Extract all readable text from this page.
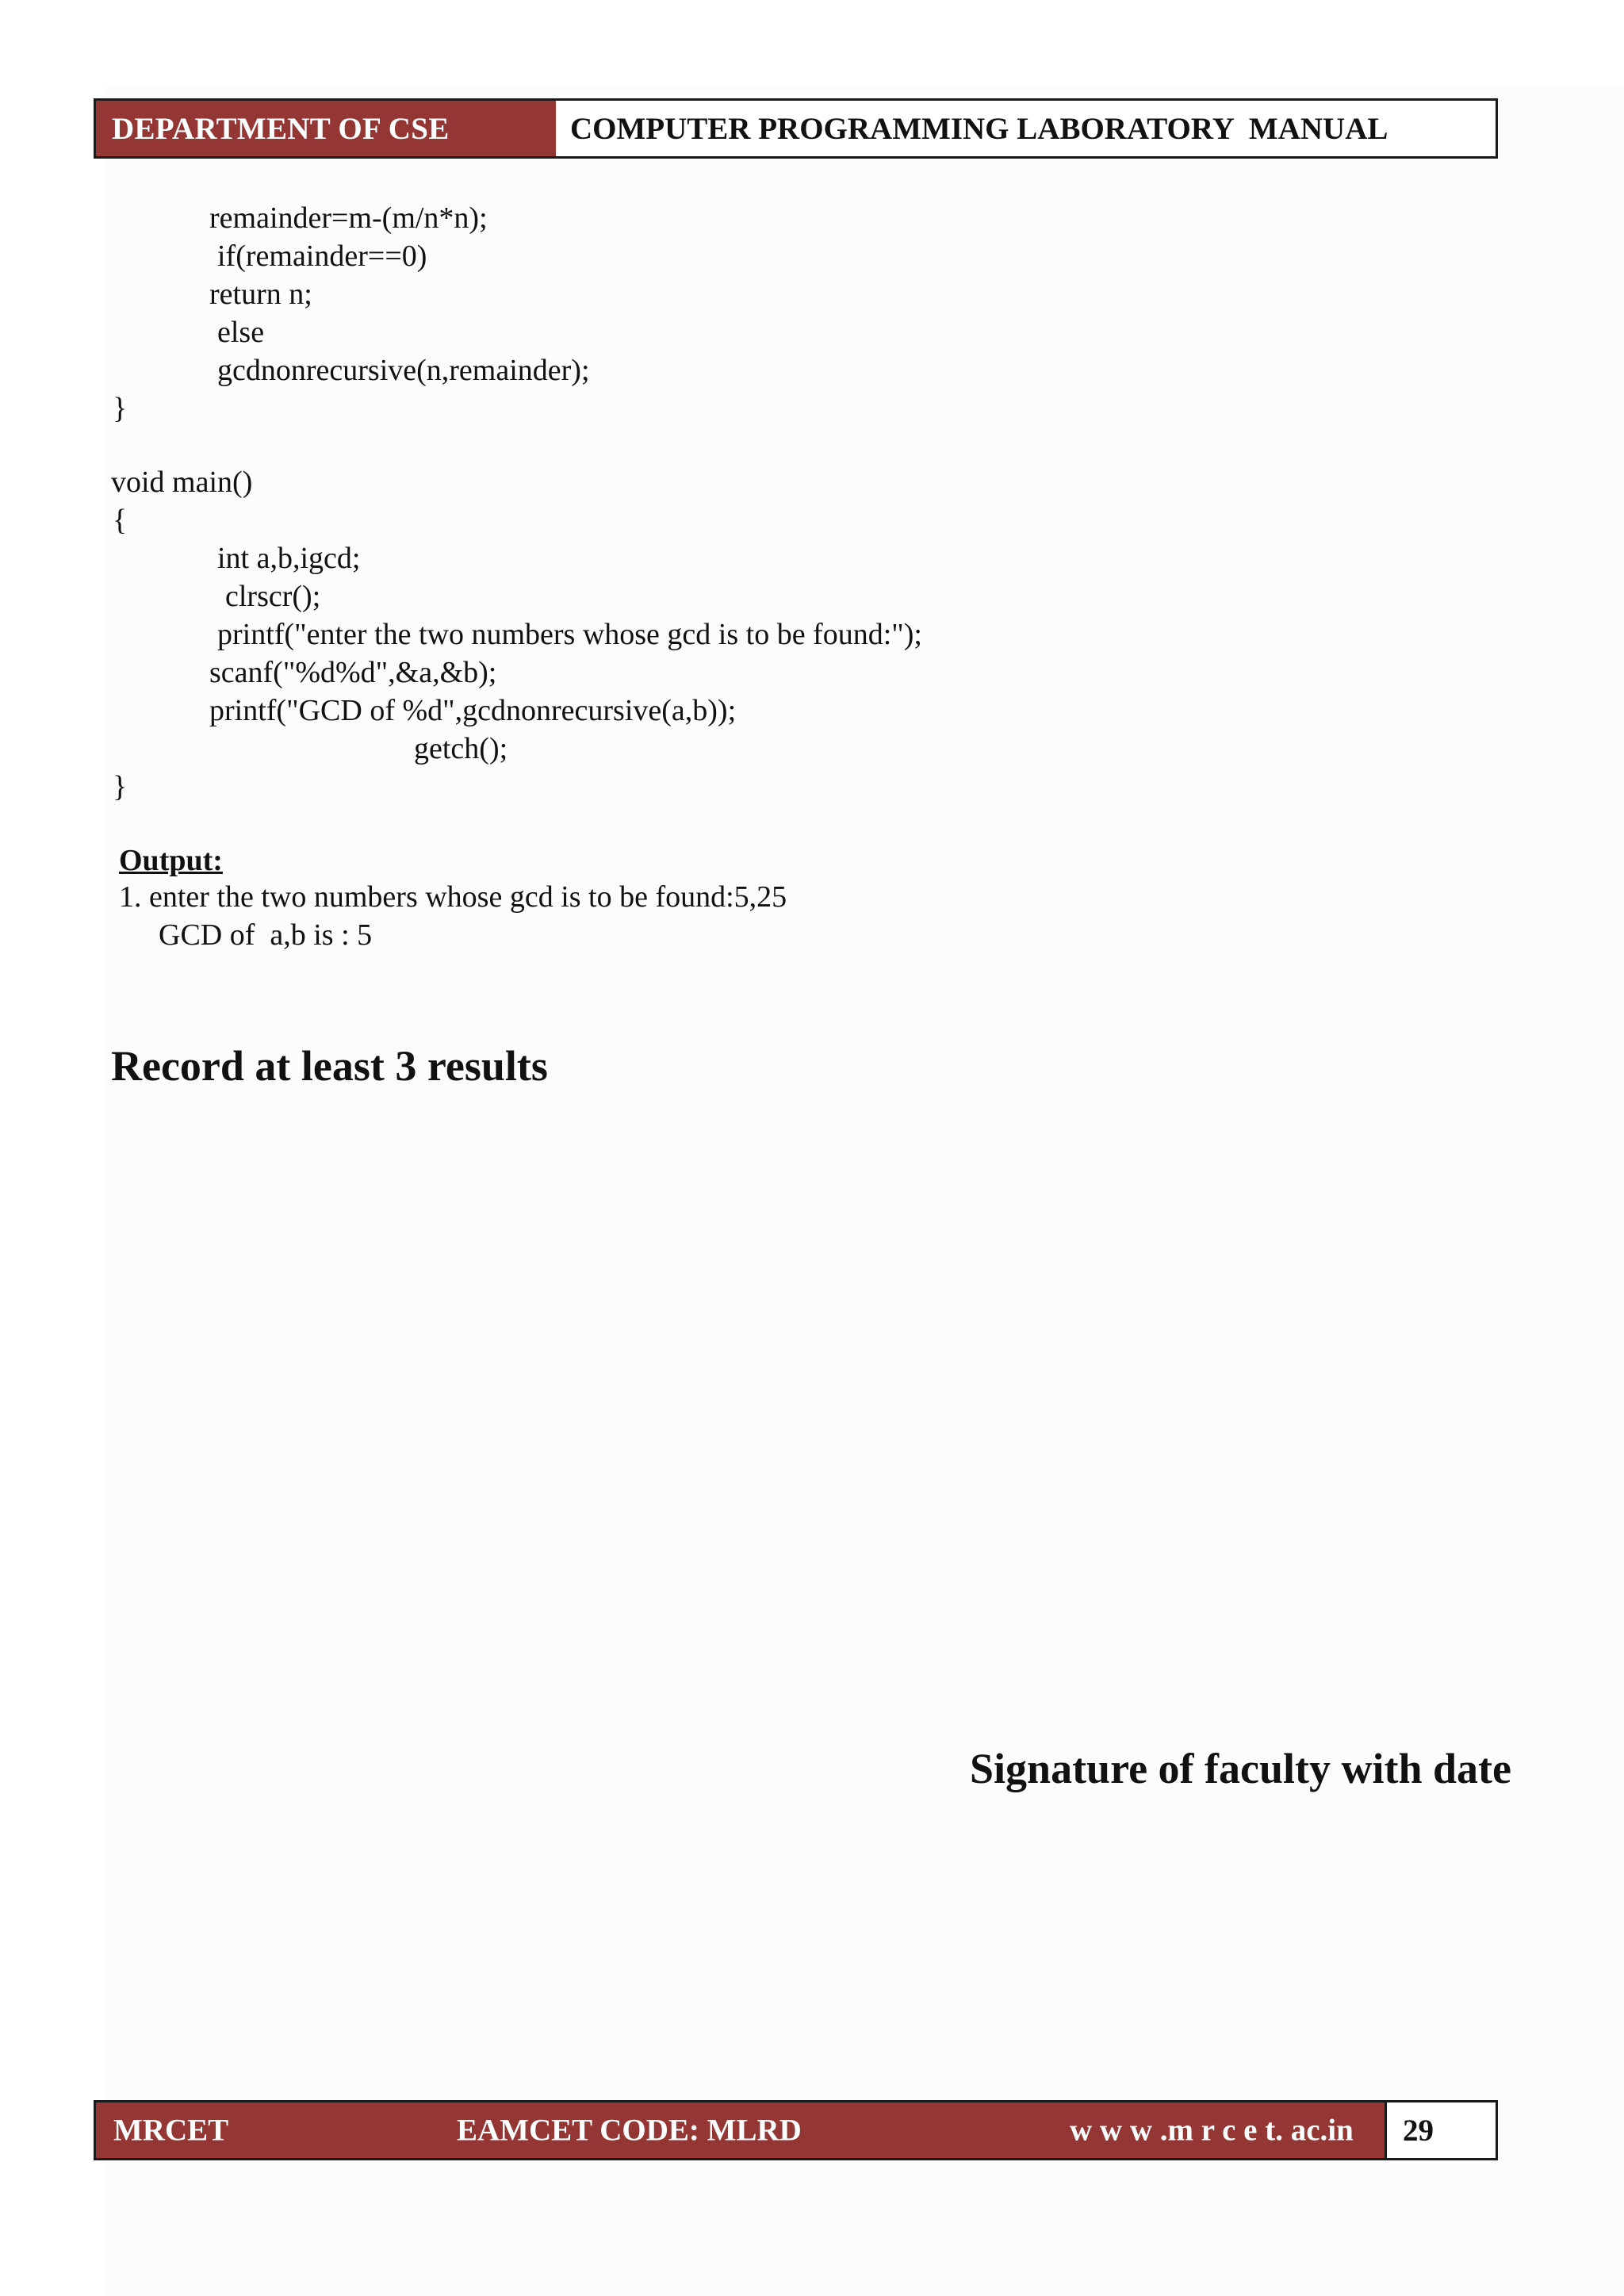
DEPARTMENT OF CSE	COMPUTER PROGRAMMING LABORATORY  MANUAL
remainder=m-(m/n*n);
if(remainder==0)
return n;
else
gcdnonrecursive(n,remainder);
}
void main()
{
int a,b,igcd;
clrscr();
printf("enter the two numbers whose gcd is to be found:");
scanf("%d%d",&a,&b);
printf("GCD of %d",gcdnonrecursive(a,b));
getch();
}
Output:
1. enter the two numbers whose gcd is to be found:5,25
GCD of  a,b is : 5
Record at least 3 results
Signature of faculty with date
MRCET	EAMCET CODE: MLRD	w w w .m r c e t. ac.in	29
